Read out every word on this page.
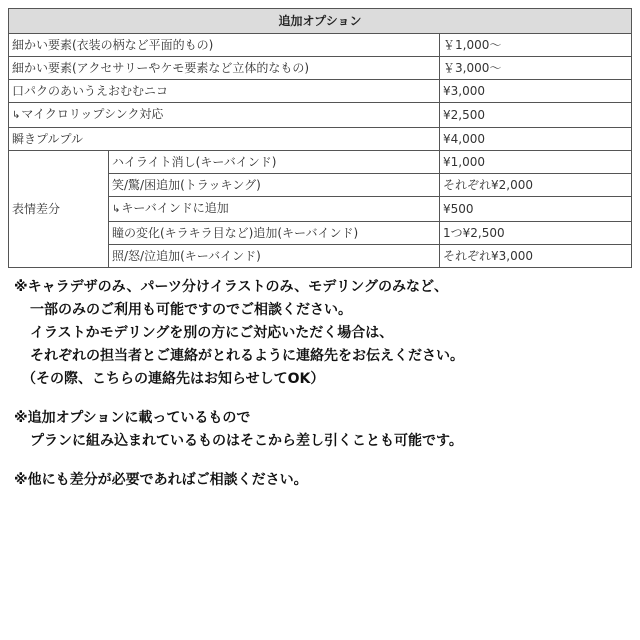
追加オプション		
細かい要素(衣装の柄など平面的もの)		￥1,000～
細かい要素(アクセサリーやケモ要素など立体的なもの)		￥3,000～
口パクのあいうえおむむニコ		¥3,000
↳マイクロリップシンク対応		¥2,500
瞬きプルプル		¥4,000
表情差分	ハイライト消し(キーバインド)	¥1,000
	笑/驚/困追加(トラッキング)	それぞれ¥2,000
	↳キーバインドに追加	¥500
	瞳の変化(キラキラ目など)追加(キーバインド)	1つ¥2,500
	照/怒/泣追加(キーバインド)	それぞれ¥3,000

※キャラデザのみ、パーツ分けイラストのみ、モデリングのみなど、

一部のみのご利用も可能ですのでご相談ください。

イラストかモデリングを別の方にご対応いただく場合は、

それぞれの担当者とご連絡がとれるように連絡先をお伝えください。

（その際、こちらの連絡先はお知らせしてOK）

※追加オプションに載っているもので

プランに組み込まれているものはそこから差し引くことも可能です。

※他にも差分が必要であればご相談ください。
